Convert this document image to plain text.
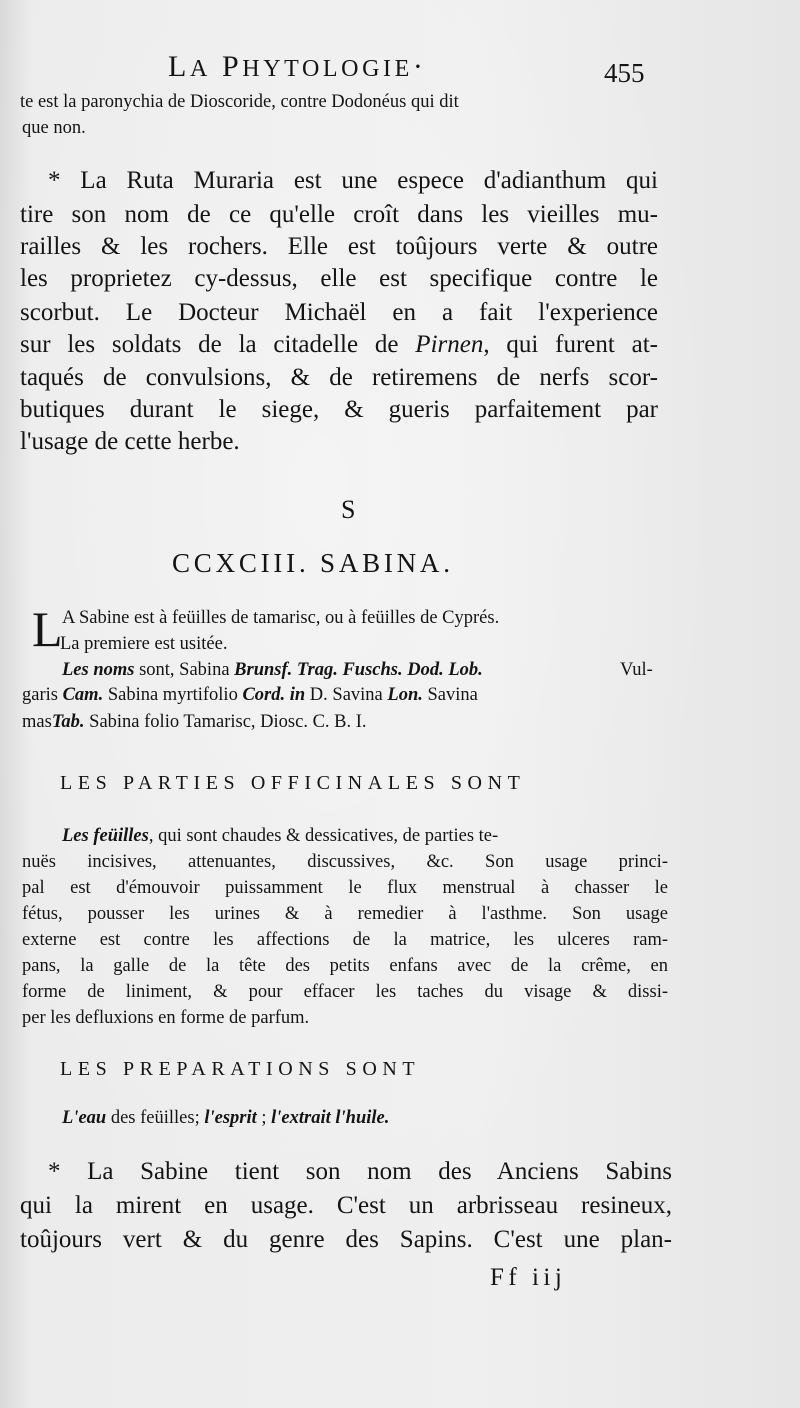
LA PHYTOLOGIE·	455
te est la paronychia de Dioscoride, contre Dodonéus qui dit
que non.
* La Ruta Muraria est une espece d'adianthum qui
tire son nom de ce qu'elle croît dans les vieilles mu-
railles & les rochers. Elle est toûjours verte & outre
les proprietez cy-dessus, elle est specifique contre le
scorbut. Le Docteur Michaël en a fait l'experience
sur les soldats de la citadelle de Pirnen, qui furent at-
taqués de convulsions, & de retiremens de nerfs scor-
butiques durant le siege, & gueris parfaitement par
l'usage de cette herbe.
S
CCXCIII. SABINA.
L A Sabine est à feüilles de tamarisc, ou à feüilles de Cyprés.
La premiere est usitée.
Les noms sont, Sabina Brunsf. Trag. Fuschs. Dod. Lob.	Vul-
garis Cam. Sabina myrtifolio Cord. in D. Savina Lon. Savina
masTab. Sabina folio Tamarisc, Diosc. C. B. I.
LES PARTIES OFFICINALES SONT
Les feüilles, qui sont chaudes & dessicatives, de parties te-
nuës incisives, attenuantes, discussives, &c. Son usage princi-
pal est d'émouvoir puissamment le flux menstrual à chasser le
fétus, pousser les urines & à remedier à l'asthme. Son usage
externe est contre les affections de la matrice, les ulceres ram-
pans, la galle de la tête des petits enfans avec de la crême, en
forme de liniment, & pour effacer les taches du visage & dissi-
per les defluxions en forme de parfum.
LES PREPARATIONS SONT
L'eau des feüilles; l'esprit ; l'extrait l'huile.
* La Sabine tient son nom des Anciens Sabins
qui la mirent en usage. C'est un arbrisseau resineux,
toûjours vert & du genre des Sapins. C'est une plan-
Ff iij
